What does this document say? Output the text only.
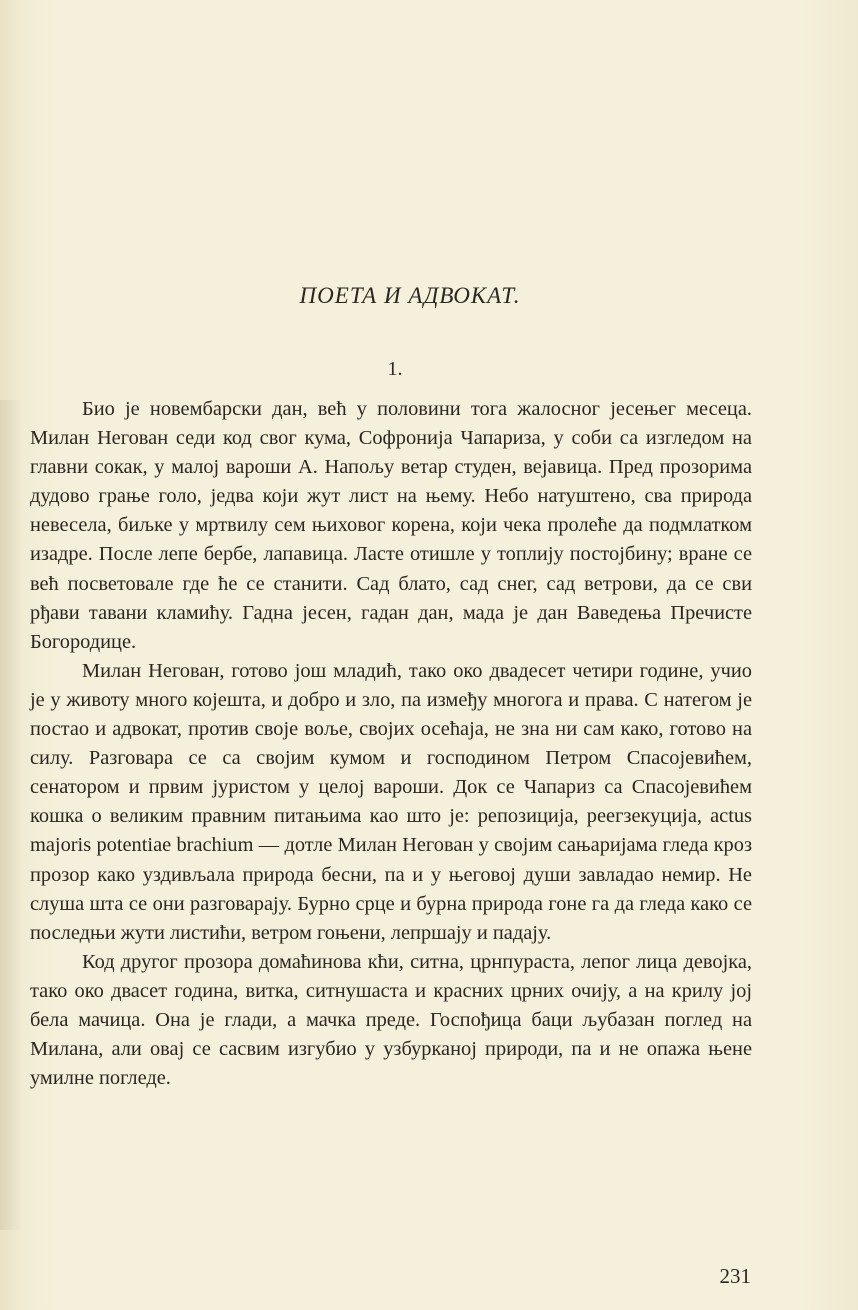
ПОЕТА И АДВОКАТ.
1.

Био је новембарски дан, већ у половини тога жалосног јесењег месеца. Милан Негован седи код свог кума, Софронија Чапариза, у соби са изгледом на главни сокак, у малој вароши А. Напољу ветар студен, вејавица. Пред прозорима дудово грање голо, једва који жут лист на њему. Небо натуштено, сва природа невесела, биљке у мртвилу сем њиховог корена, који чека пролеће да подмлатком изадре. После лепе бербе, лапавица. Ласте отишле у топлију постојбину; вране се већ посветовале где ће се станити. Сад блато, сад снег, сад ветрови, да се сви рђави тавани кламићу. Гадна јесен, гадан дан, мада је дан Ваведења Пречисте Богородице.

Милан Негован, готово још младић, тако око двадесет четири године, учио је у животу много којешта, и добро и зло, па између многога и права. С натегом је постао и адвокат, против своје воље, својих осећаја, не зна ни сам како, готово на силу. Разговара се са својим кумом и господином Петром Спасојевићем, сенатором и првим јуристом у целој вароши. Док се Чапариз са Спасојевићем кошка о великим правним питањима као што је: репозиција, реегзекуција, actus majoris potentiae brachium — дотле Милан Негован у својим сањаријама гледа кроз прозор како уздивљала природа бесни, па и у његовој души завладао немир. Не слуша шта се они разговарају. Бурно срце и бурна природа гоне га да гледа како се последњи жути листићи, ветром гоњени, лепршају и падају.

Код другог прозора домаћинова кћи, ситна, црнпураста, лепог лица девојка, тако око двасет година, витка, ситнушаста и красних црних очију, а на крилу јој бела мачица. Она је глади, а мачка преде. Госпођица баци љубазан поглед на Милана, али овај се сасвим изгубио у узбурканој природи, па и не опажа њене умилне погледе.

231
